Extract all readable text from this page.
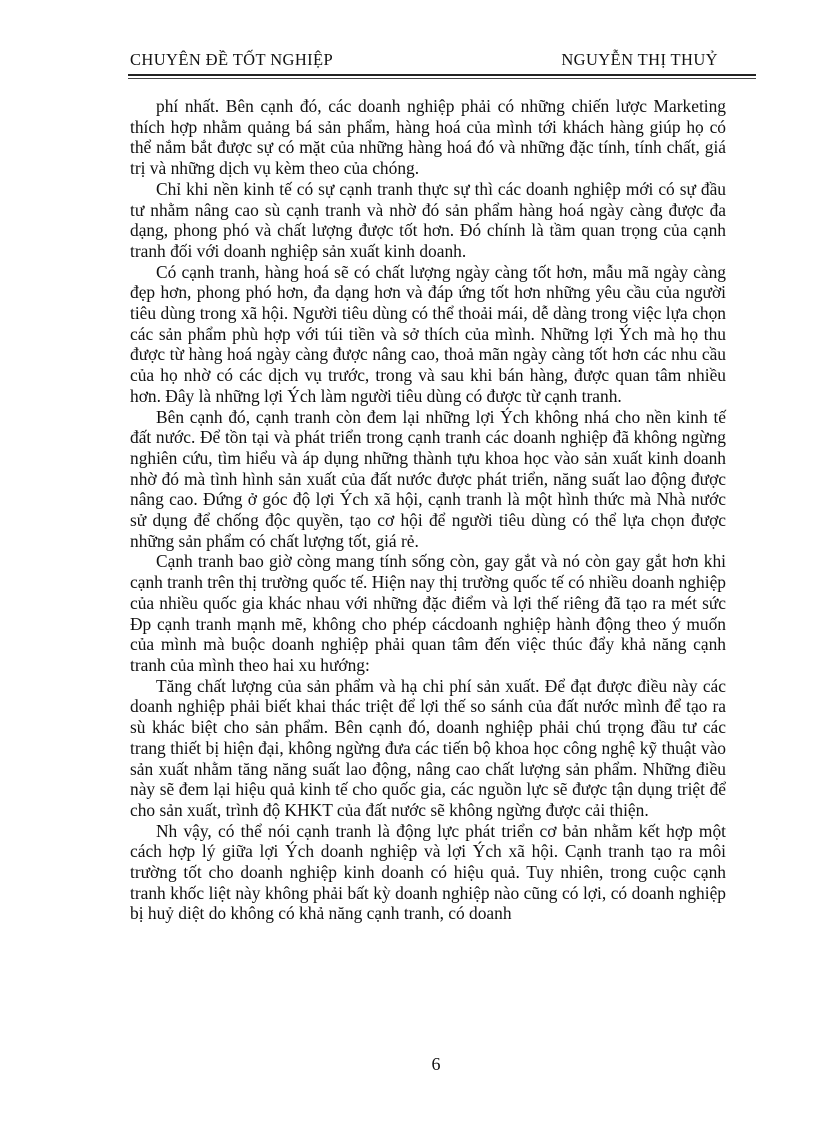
CHUYÊN ĐỀ TỐT NGHIỆP	NGUYỄN THỊ THUỶ

phí nhất. Bên cạnh đó, các doanh nghiệp phải có những chiến lược Marketing thích hợp nhằm quảng bá sản phẩm, hàng hoá của mình tới khách hàng giúp họ có thể nắm bắt được sự có mặt của những hàng hoá đó và những đặc tính, tính chất, giá trị và những dịch vụ kèm theo của chóng.

Chỉ khi nền kinh tế có sự cạnh tranh thực sự thì các doanh nghiệp mới có sự đầu tư nhằm nâng cao sù cạnh tranh và nhờ đó sản phẩm hàng hoá ngày càng được đa dạng, phong phó và chất lượng được tốt hơn. Đó chính là tầm quan trọng của cạnh tranh đối với doanh nghiệp sản xuất kinh doanh.

Có cạnh tranh, hàng hoá sẽ có chất lượng ngày càng tốt hơn, mẫu mã ngày càng đẹp hơn, phong phó hơn, đa dạng hơn và đáp ứng tốt hơn những yêu cầu của người tiêu dùng trong xã hội. Người tiêu dùng có thể thoải mái, dễ dàng trong việc lựa chọn các sản phẩm phù hợp với túi tiền và sở thích của mình. Những lợi Ých mà họ thu được từ hàng hoá ngày càng được nâng cao, thoả mãn ngày càng tốt hơn các nhu cầu của họ nhờ có các dịch vụ trước, trong và sau khi bán hàng, được quan tâm nhiều hơn. Đây là những lợi Ých làm người tiêu dùng có được từ cạnh tranh.

Bên cạnh đó, cạnh tranh còn đem lại những lợi Ých không nhá cho nền kinh tế đất nước. Để tồn tại và phát triển trong cạnh tranh các doanh nghiệp đã không ngừng nghiên cứu, tìm hiểu và áp dụng những thành tựu khoa học vào sản xuất kinh doanh nhờ đó mà tình hình sản xuất của đất nước được phát triển, năng suất lao động được nâng cao. Đứng ở góc độ lợi Ých xã hội, cạnh tranh là một hình thức mà Nhà nước sử dụng để chống độc quyền, tạo cơ hội để người tiêu dùng có thể lựa chọn được những sản phẩm có chất lượng tốt, giá rẻ.

Cạnh tranh bao giờ còng mang tính sống còn, gay gắt và nó còn gay gắt hơn khi cạnh tranh trên thị trường quốc tế. Hiện nay thị trường quốc tế có nhiều doanh nghiệp của nhiều quốc gia khác nhau với những đặc điểm và lợi thế riêng đã tạo ra mét sức Đp cạnh tranh mạnh mẽ, không cho phép cácdoanh nghiệp hành động theo ý muốn của mình mà buộc doanh nghiệp phải quan tâm đến việc thúc đẩy khả năng cạnh tranh của mình theo hai xu hướng:

Tăng chất lượng của sản phẩm và hạ chi phí sản xuất. Để đạt được điều này các doanh nghiệp phải biết khai thác triệt để lợi thế so sánh của đất nước mình để tạo ra sù khác biệt cho sản phẩm. Bên cạnh đó, doanh nghiệp phải chú trọng đầu tư các trang thiết bị hiện đại, không ngừng đưa các tiến bộ khoa học công nghệ kỹ thuật vào sản xuất nhằm tăng năng suất lao động, nâng cao chất lượng sản phẩm. Những điều này sẽ đem lại hiệu quả kinh tế cho quốc gia, các nguồn lực sẽ được tận dụng triệt để cho sản xuất, trình độ KHKT của đất nước sẽ không ngừng được cải thiện.

Nh vậy, có thể nói cạnh tranh là động lực phát triển cơ bản nhằm kết hợp một cách hợp lý giữa lợi Ých doanh nghiệp và lợi Ých xã hội. Cạnh tranh tạo ra môi trường tốt cho doanh nghiệp kinh doanh có hiệu quả. Tuy nhiên, trong cuộc cạnh tranh khốc liệt này không phải bất kỳ doanh nghiệp nào cũng có lợi, có doanh nghiệp bị huỷ diệt do không có khả năng cạnh tranh, có doanh

6
